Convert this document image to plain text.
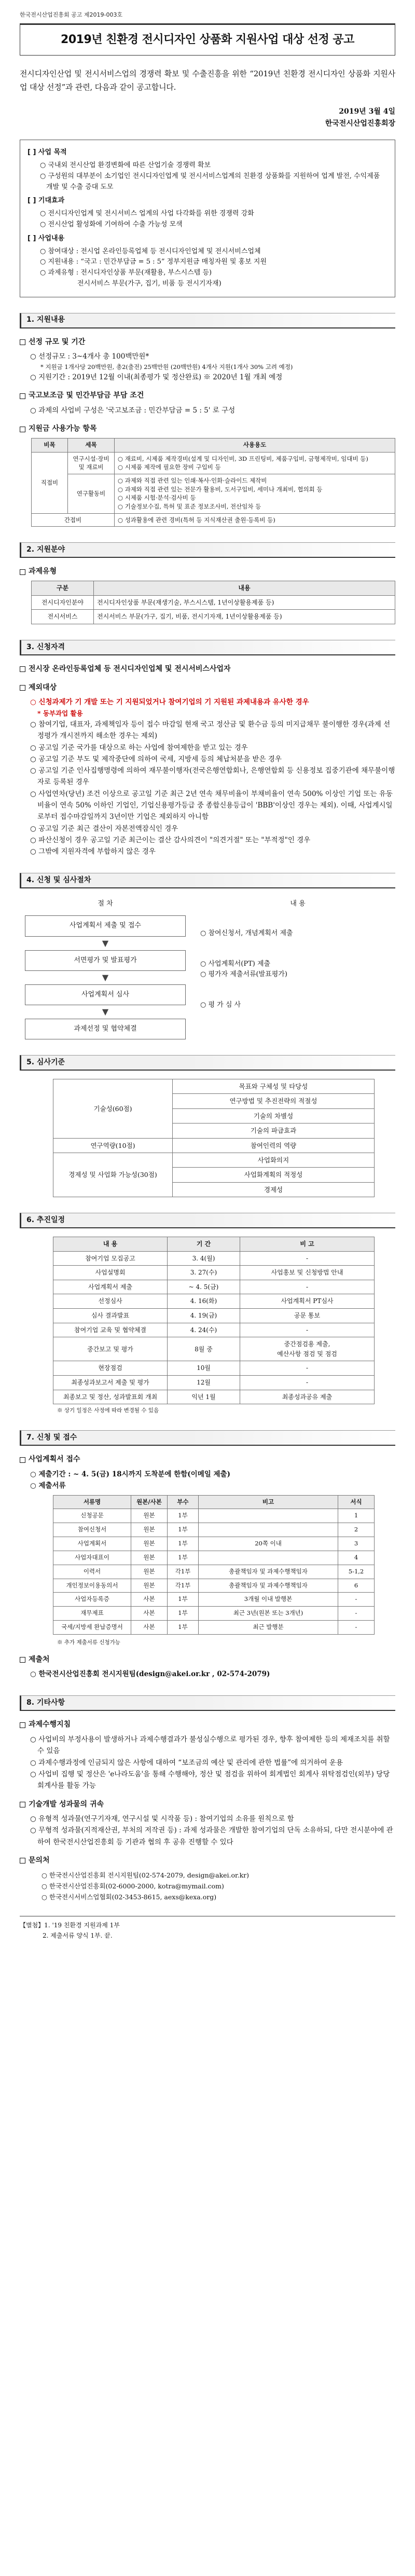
한국전시산업진흥회 공고 제2019-003호
2019년 친환경 전시디자인 상품화 지원사업 대상 선정 공고

전시디자인산업 및 전시서비스업의 경쟁력 확보 및 수출진흥을 위한 “2019년 친환경 전시디자인 상품화 지원사업 대상 선정”과 관련, 다음과 같이 공고합니다.

2019년 3월 4일
한국전시산업진흥회장
[ ] 사업 목적
○ 국내외 전시산업 환경변화에 따른 산업기술 경쟁력 확보
○ 구성원의 대부분이 소기업인 전시디자인업계 및 전시서비스업계의 친환경 상품화를 지원하여 업계 발전, 수익제품 개발 및 수출 증대 도모
[ ] 기대효과
○ 전시디자인업계 및 전시서비스 업계의 사업 다각화를 위한 경쟁력 강화
○ 전시산업 활성화에 기여하여 수출 가능성 모색
[ ] 사업내용
○ 참여대상 : 전시업 온라인등록업체 등 전시디자인업체 및 전시서비스업체
○ 지원내용 : “국고 : 민간부담금 = 5 : 5” 정부지원금 매칭자원 및 홍보 지원
○ 과제유형 : 전시디자인상품 부문(재활용, 부스시스템 등)
전시서비스 부문(가구, 집기, 비품 등 전시기자재)
1. 지원내용
선정 규모 및 기간
○ 선정규모 : 3~4개사 총 100백만원*
* 지원금 1개사당 20백만원, 총2(출전) 25백만원 (20백만원) 4개사 지원(1개사 30% 고려 예정)
○ 지원기간 : 2019년 12월 이내(최종평가 및 정산완료) ※ 2020년 1월 개최 예정
국고보조금 및 민간부담금 부담 조건
○ 과제의 사업비 구성은 '국고보조금 : 민간부담금 = 5 : 5' 로 구성
지원금 사용가능 항목
비목	세목	사용용도
직접비	연구시설·장비 및 재료비	○ 재료비, 시제품 제작경비(설계 및 디자인비, 3D 프린팅비, 제품구입비, 금형제작비, 임대비 등)
○ 시제품 제작에 필요한 장비 구입비 등
	연구활동비	○ 과제와 직접 관련 있는 인쇄·복사·인화·슬라이드 제작비
○ 과제와 직접 관련 있는 전문가 활용비, 도서구입비, 세미나 개최비, 협의회 등
○ 시제품 시험·분석·검사비 등
○ 기술정보수집, 특허 및 표준 정보조사비, 전산임차 등
간접비		○ 성과활용에 관련 경비(특허 등 지식재산권 출원·등록비 등)
2. 지원분야
과제유형
구분	내용
전시디자인분야	전시디자인상품 부문(재생기술, 부스시스템, 1년이상활용제품 등)
전시서비스	전시서비스 부문(가구, 집기, 비품, 전시기자재, 1년이상활용제품 등)
3. 신청자격
전시장 온라인등록업체 등 전시디자인업체 및 전시서비스사업자
제외대상
○ 신청과제가 기 개발 또는 기 지원되었거나 참여기업의 기 지원된 과제내용과 유사한 경우
* 동부과업 활용
○ 참여기업, 대표자, 과제책임자 등이 접수 마감일 현재 국고 정산금 및 환수금 등의 미지급채무 불이행한 경우(과제 선정평가 개시전까지 해소한 경우는 제외)
○ 공고일 기준 국가를 대상으로 하는 사업에 참여제한을 받고 있는 경우
○ 공고일 기준 부도 및 제작중단에 의하여 국세, 지방세 등의 체납처분을 받은 경우
○ 공고일 기준 인사집행명령에 의하여 재무불이행자(전국은행연합회나, 은행연합회 등 신용정보 집중기관에 채무불이행자로 등록된 경우
○ 사업연차(당년) 조건 이상으로 공고일 기준 최근 2년 연속 채무비율이 부채비율이 연속 500% 이상인 기업 또는 유동비율이 연속 50% 이하인 기업인, 기업신용평가등급 중 종합신용등급이 'BBB'이상인 경우는 제외). 이때, 사업계시일로부터 접수마감일까지 3년이만 기업은 제외하지 아니함
○ 공고일 기준 최근 결산이 자본전액잠식인 경우
○ 파산신청이 경우 공고일 기준 최근이는 결산 감사의견이 "의견거절" 또는 "부적정"인 경우
○ 그밖에 지원자격에 부합하지 않은 경우
4. 신청 및 심사절차
절 차
사업계획서 제출 및 접수
▼
서면평가 및 발표평가
▼
사업계획서 심사
▼
과제선정 및 협약체결
내 용
○ 참여신청서, 개념계획서 제출
○ 사업계획서(PT) 제출
○ 평가자 제출서류(발표평가)
○ 평 가 심 사
5. 심사기준
기술성(60점)	목표와 구체성 및 타당성
	연구방법 및 추진전략의 적절성
	기술의 차별성
	기술의 파급효과
연구역량(10점)	참여인력의 역량
경제성 및 사업화 가능성(30점)	사업화의지
	사업화계획의 적정성
	경제성
6. 추진일정
내 용	기 간	비 고
참여기업 모집공고	3. 4(월)	-
사업설명회	3. 27(수)	사업홍보 및 신청방법 안내
사업계획서 제출	~ 4. 5(금)	-
선정심사	4. 16(화)	사업계획서 PT심사
심사 결과발표	4. 19(금)	공문 통보
참여기업 교육 및 협약체결	4. 24(수)	-
중간보고 및 평가	8월 중	중간점검용 제출,
예산사항 점검 및 점검
현장점검	10월	-
최종성과보고서 제출 및 평가	12월	-
최종보고 및 정산, 성과발표회 개최	익년 1월	최종성과공유 제출
※ 상기 일정은 사정에 따라 변경될 수 있음
7. 신청 및 접수
사업계획서 접수
○ 제출기간 : ~ 4. 5(금) 18시까지 도착분에 한함(이메일 제출)
○ 제출서류
서류명	원본/사본	부수	비고	서식
신청공문	원본	1부		1
참여신청서	원본	1부		2
사업계획서	원본	1부	20쪽 이내	3
사업자대표이	원본	1부		4
이력서	원본	각1부	총괄책임자 및 과제수행책임자	5-1,2
개인정보이용동의서	원본	각1부	총괄책임자 및 과제수행책임자	6
사업자등록증	사본	1부	3개월 이내 발행본	-
재무제표	사본	1부	최근 3년(원본 또는 3개년)	-
국세/지방세 완납증명서	사본	1부	최근 발행분	-
※ 추가 제출서류 신청가능
제출처
○ 한국전시산업진흥회 전시지원팀(design@akei.or.kr , 02-574-2079)
8. 기타사항
과제수행지침
○ 사업비의 부정사용이 발생하거나 과제수행결과가 불성실수행으로 평가된 경우, 향후 참여제한 등의 제재조치를 취할 수 있음
○ 과제수행과정에 인금되지 않은 사항에 대하여 “보조금의 예산 및 관리에 관한 법률”에 의거하여 운용
○ 사업비 집행 및 정산은 'e나라도움'을 통해 수행해야, 정산 및 점검을 위하여 회계법인 회계사 위탁점검인(외부) 당당회계사를 활동 가능
기술개발 성과물의 귀속
○ 유형적 성과물(연구기자재, 연구시설 및 시작품 등) : 참여기업의 소유를 원칙으로 함
○ 무형적 성과물(지적재산권, 부처의 저작권 등) : 과제 성과물은 개발한 참여기업의 단독 소유하되, 다만 전시분야에 관하여 한국전시산업진흥회 등 기관과 협의 후 공유 진행할 수 있다
문의처
○ 한국전시산업진흥회 전시지원팀(02-574-2079, design@akei.or.kr)
○ 한국전시산업진흥회(02-6000-2000, kotra@mymail.com)
○ 한국전시서비스업협회(02-3453-8615, aexs@kexa.org)
【별첨】1. '19 친환경 지원과제 1부
2. 제출서류 양식 1부. 끝.
